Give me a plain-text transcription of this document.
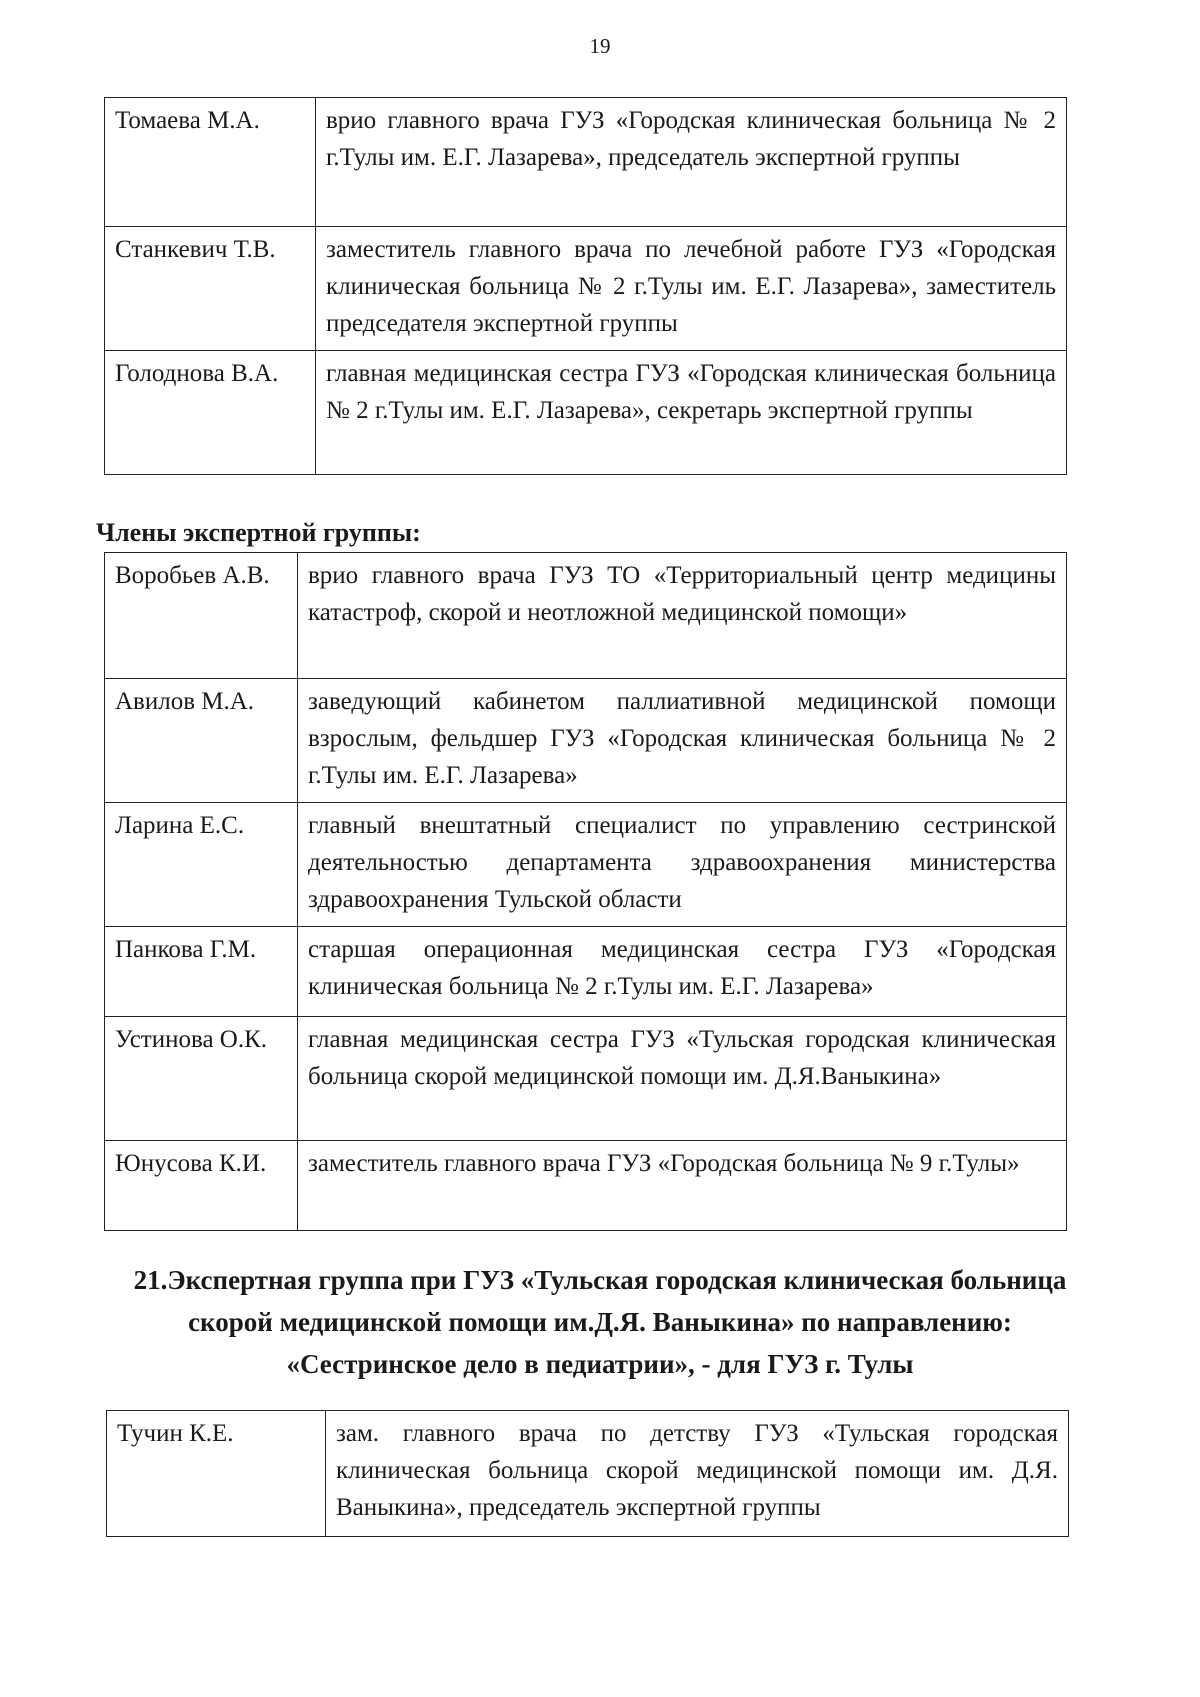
19
Томаева М.А.	врио главного врача ГУЗ «Городская клиническая больница № 2 г.Тулы им. Е.Г. Лазарева», председатель экспертной группы
Станкевич Т.В.	заместитель главного врача по лечебной работе ГУЗ «Городская клиническая больница № 2 г.Тулы им. Е.Г. Лазарева», заместитель председателя экспертной группы
Голоднова В.А.	главная медицинская сестра ГУЗ «Городская клиническая больница № 2 г.Тулы им. Е.Г. Лазарева», секретарь экспертной группы
Члены экспертной группы:
Воробьев А.В.	врио главного врача ГУЗ ТО «Территориальный центр медицины катастроф, скорой и неотложной медицинской помощи»
Авилов М.А.	заведующий кабинетом паллиативной медицинской помощи взрослым, фельдшер ГУЗ «Городская клиническая больница № 2 г.Тулы им. Е.Г. Лазарева»
Ларина Е.С.	главный внештатный специалист по управлению сестринской деятельностью департамента здравоохранения министерства здравоохранения Тульской области
Панкова Г.М.	старшая операционная медицинская сестра ГУЗ «Городская клиническая больница № 2 г.Тулы им. Е.Г. Лазарева»
Устинова О.К.	главная медицинская сестра ГУЗ «Тульская городская клиническая больница скорой медицинской помощи им. Д.Я.Ваныкина»
Юнусова К.И.	заместитель главного врача ГУЗ «Городская больница № 9 г.Тулы»
21.Экспертная группа при ГУЗ «Тульская городская клиническая больница
скорой медицинской помощи им.Д.Я. Ваныкина» по направлению:
«Сестринское дело в педиатрии», - для ГУЗ г. Тулы
Тучин К.Е.	зам. главного врача по детству ГУЗ «Тульская городская клиническая больница скорой медицинской помощи им. Д.Я. Ваныкина», председатель экспертной группы
